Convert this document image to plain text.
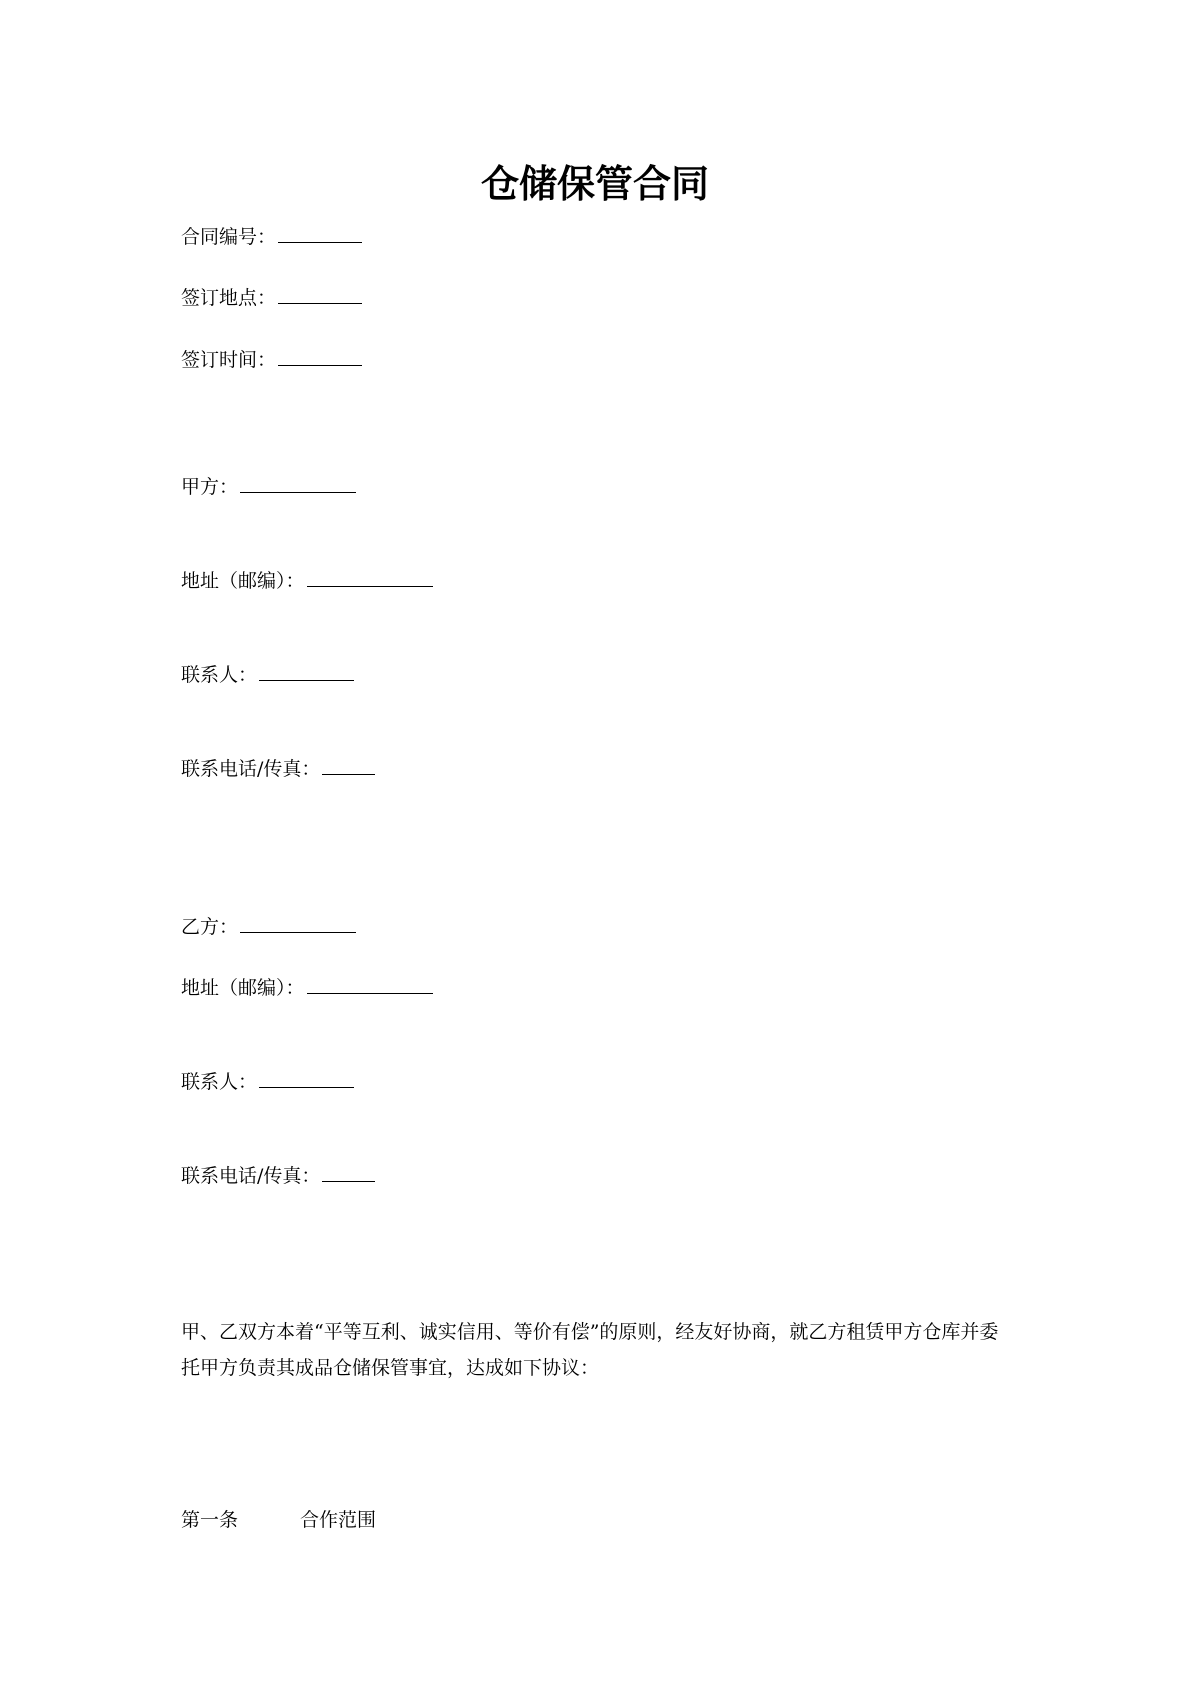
仓储保管合同
合同编号：
签订地点：
签订时间：
甲方：
地址（邮编）：
联系人：
联系电话/传真：
乙方：
地址（邮编）：
联系人：
联系电话/传真：
甲、乙双方本着“平等互利、诚实信用、等价有偿”的原则，经友好协商，就乙方租赁甲方仓库并委托甲方负责其成品仓储保管事宜，达成如下协议：
第一条	合作范围
